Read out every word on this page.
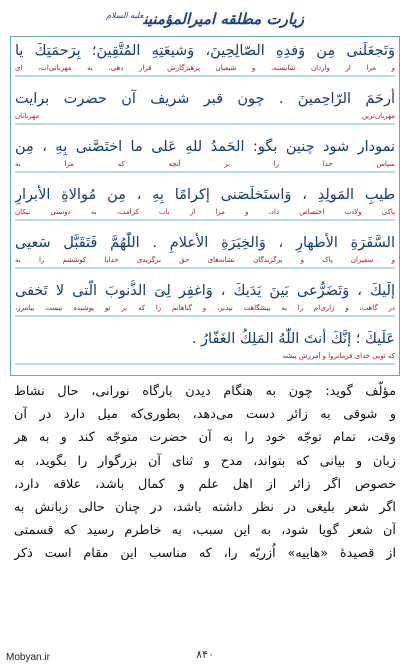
زیارت مطلقه امیرالمؤمنین$^{علیه السلام}$
وَتَجعَلَنى مِن وَفدِهِ الصّالِحِينَ، وَشيعَتِهِ المُتَّقِينَ؛ بِرَحمَتِكَ يا
و مرا از واردان شایسته، و شیعیان پرهیزگارش قرار دهی، به مهربانی‌ات، ای
أَرحَمَ الرّاحِمينَ . چون قبر شريف آن حضرت برايت
مهربان‌ترین مهربانان
نمودار شود چنين بگو: الحَمدُ للهِ عَلى ما اختَصَّنى بِهِ ، مِن
سپاس خدا را بر آنچه که مرا به
طيبِ المَولِدِ ، وَاستَخلَصَنى إكرامًا بِهِ ، مِن مُوالاةِ الأَبرارِ
پاکی ولادت اختصاص داد، و مرا از باب کرامت، به دوستی نیکان
السَّفَرَةِ الأَطهارِ ، وَالخِيَرَةِ الأَعلامِ . اللّٰهُمَّ فَتَقَبَّل سَعيى
و سفیران پاک و برگزیدگان نشانه‌های حق برگزیدی خدایا کوششم را به
إلَيكَ ، وَتَضَرُّعى بَينَ يَدَيكَ ، وَاغفِر لِىَ الذُّنوبَ الَّتى لا تَخفى
در گاهت، و زاری‌ام را به پیشگاهت بپذیر، و گناهانم را که بر تو پوشیده نیست بیامرز،
عَلَيكَ ؛ إنَّكَ أنتَ اللّٰهُ المَلِكُ الغَفّارُ .
که تویی خدای فرمانروا و آمرزش پیشه
مؤلّف گويد: چون به هنگام ديدن بارگاه نورانى، حال نشاط
و شوقى به زائر دست مى‌دهد، بطورى‌كه ميل دارد در آن
وقت، تمام توجّه خود را به آن حضرت متوجّه كند و به هر
زبان و بيانى كه بتواند، مدح و ثناى آن بزرگوار را بگويد، به
خصوص اگر زائر از اهل علم و كمال باشد، علاقه دارد،
اگر شعر بليغى در نظر داشته باشد، در چنان حالى زبانش به
آن شعر گويا شود، به اين سبب، به خاطرم رسيد كه قسمتى
از قصيدۀ «هاييه» اُزريّه را، كه مناسب اين مقام است ذكر
۸۴۰
Mobyan.ir
